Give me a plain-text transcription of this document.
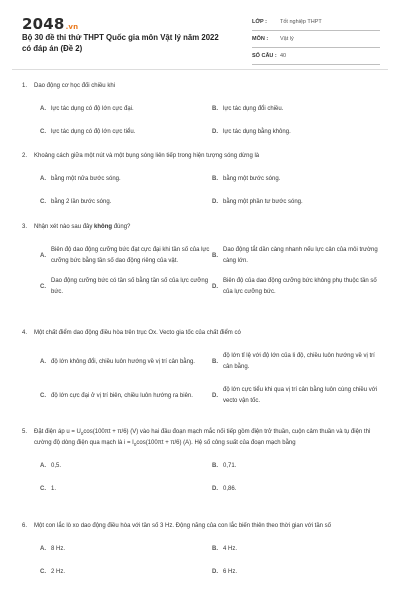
2048.vn
Bộ 30 đề thi thử THPT Quốc gia môn Vật lý năm 2022 có đáp án (Đề 2)
LỚP :	Tốt nghiệp THPT
MÔN :	Vật lý
SỐ CÂU : 40
1.	Dao động cơ học đối chiều khi
A. lực tác dụng có độ lớn cực đại.	B. lực tác dụng đổi chiều.
C. lực tác dụng có độ lớn cực tiểu.	D. lực tác dụng bằng không.
2.	Khoảng cách giữa một nút và một bụng sóng liên tiếp trong hiện tượng sóng dừng là
A. bằng một nửa bước sóng.	B. bằng một bước sóng.
C. bằng 2 lần bước sóng.	D. bằng một phần tư bước sóng.
3.	Nhận xét nào sau đây không đúng?
A.
Biên độ dao động cưỡng bức đạt cực đại khi tần số của lực cưỡng bức bằng tần số dao động riêng của vật.
B.
Dao động tắt dần càng nhanh nếu lực cản của môi trường càng lớn.
C.
Dao động cưỡng bức có tần số bằng tần số của lực cưỡng bức.
D.
Biên độ của dao động cưỡng bức không phụ thuộc tần số của lực cưỡng bức.
4.	Một chất điểm dao động điều hòa trên trục Ox. Vecto gia tốc của chất điểm có
A. độ lớn không đổi, chiều luôn hướng về vị trí cân bằng.	B.
độ lớn tỉ lệ với độ lớn của li độ, chiều luôn hướng về vị trí cân bằng.
C. độ lớn cực đại ở vị trí biên, chiều luôn hướng ra biên.	D.
độ lớn cực tiểu khi qua vị trí cân bằng luôn cùng chiều với vecto vận tốc.
5.	Đặt điện áp $u = U_0\cos(100\pi t + \pi/6)$ (V) vào hai đầu đoạn mạch mắc nối tiếp gồm điện trở thuần, cuộn cảm thuần và tụ điện thì cường độ dòng điện qua mạch là $i = I_0\cos(100\pi t + \pi/6)$ (A). Hệ số công suất của đoạn mạch bằng
A. 0,5.	B. 0,71.
C. 1.	D. 0,86.
6.	Một con lắc lò xo dao động điều hòa với tần số 3 Hz. Động năng của con lắc biến thiên theo thời gian với tần số
A. 8 Hz.	B. 4 Hz.
C. 2 Hz.	D. 6 Hz.
